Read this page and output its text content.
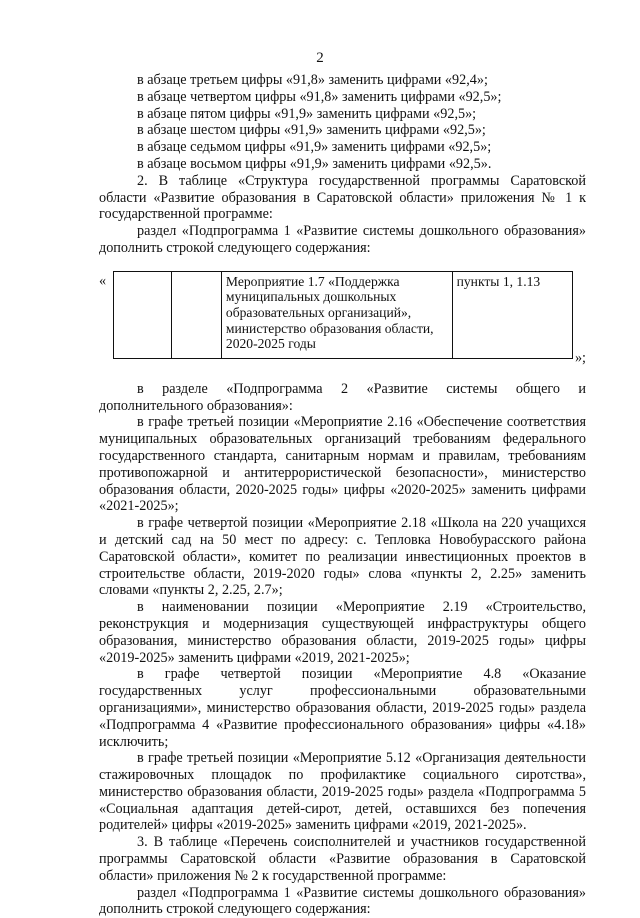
2

в абзаце третьем цифры «91,8» заменить цифрами «92,4»;

в абзаце четвертом цифры «91,8» заменить цифрами «92,5»;

в абзаце пятом цифры «91,9» заменить цифрами «92,5»;

в абзаце шестом цифры «91,9» заменить цифрами «92,5»;

в абзаце седьмом цифры «91,9» заменить цифрами «92,5»;

в абзаце восьмом цифры «91,9» заменить цифрами «92,5».

2. В таблице «Структура государственной программы Саратовской области «Развитие образования в Саратовской области» приложения № 1 к государственной программе:

раздел «Подпрограмма 1 «Развитие системы дошкольного образования» дополнить строкой следующего содержания:

«
			Мероприятие 1.7 «Поддержка муниципальных дошкольных образовательных организаций», министерство образования области, 2020-2025 годы	пункты 1, 1.13
»;

в разделе «Подпрограмма 2 «Развитие системы общего и дополнительного образования»:

в графе третьей позиции «Мероприятие 2.16 «Обеспечение соответствия муниципальных образовательных организаций требованиям федерального государственного стандарта, санитарным нормам и правилам, требованиям противопожарной и антитеррористической безопасности», министерство образования области, 2020-2025 годы» цифры «2020-2025» заменить цифрами «2021-2025»;

в графе четвертой позиции «Мероприятие 2.18 «Школа на 220 учащихся и детский сад на 50 мест по адресу: с. Тепловка Новобурасского района Саратовской области», комитет по реализации инвестиционных проектов в строительстве области, 2019-2020 годы» слова «пункты 2, 2.25» заменить словами «пункты 2, 2.25, 2.7»;

в наименовании позиции «Мероприятие 2.19 «Строительство, реконструкция и модернизация существующей инфраструктуры общего образования, министерство образования области, 2019-2025 годы» цифры «2019-2025» заменить цифрами «2019, 2021-2025»;

в графе четвертой позиции «Мероприятие 4.8 «Оказание государственных услуг профессиональными образовательными организациями», министерство образования области, 2019-2025 годы» раздела «Подпрограмма 4 «Развитие профессионального образования» цифры «4.18» исключить;

в графе третьей позиции «Мероприятие 5.12 «Организация деятельности стажировочных площадок по профилактике социального сиротства», министерство образования области, 2019-2025 годы» раздела «Подпрограмма 5 «Социальная адаптация детей-сирот, детей, оставшихся без попечения родителей» цифры «2019-2025» заменить цифрами «2019, 2021-2025».

3. В таблице «Перечень соисполнителей и участников государственной программы Саратовской области «Развитие образования в Саратовской области» приложения № 2 к государственной программе:

раздел «Подпрограмма 1 «Развитие системы дошкольного образования» дополнить строкой следующего содержания:
